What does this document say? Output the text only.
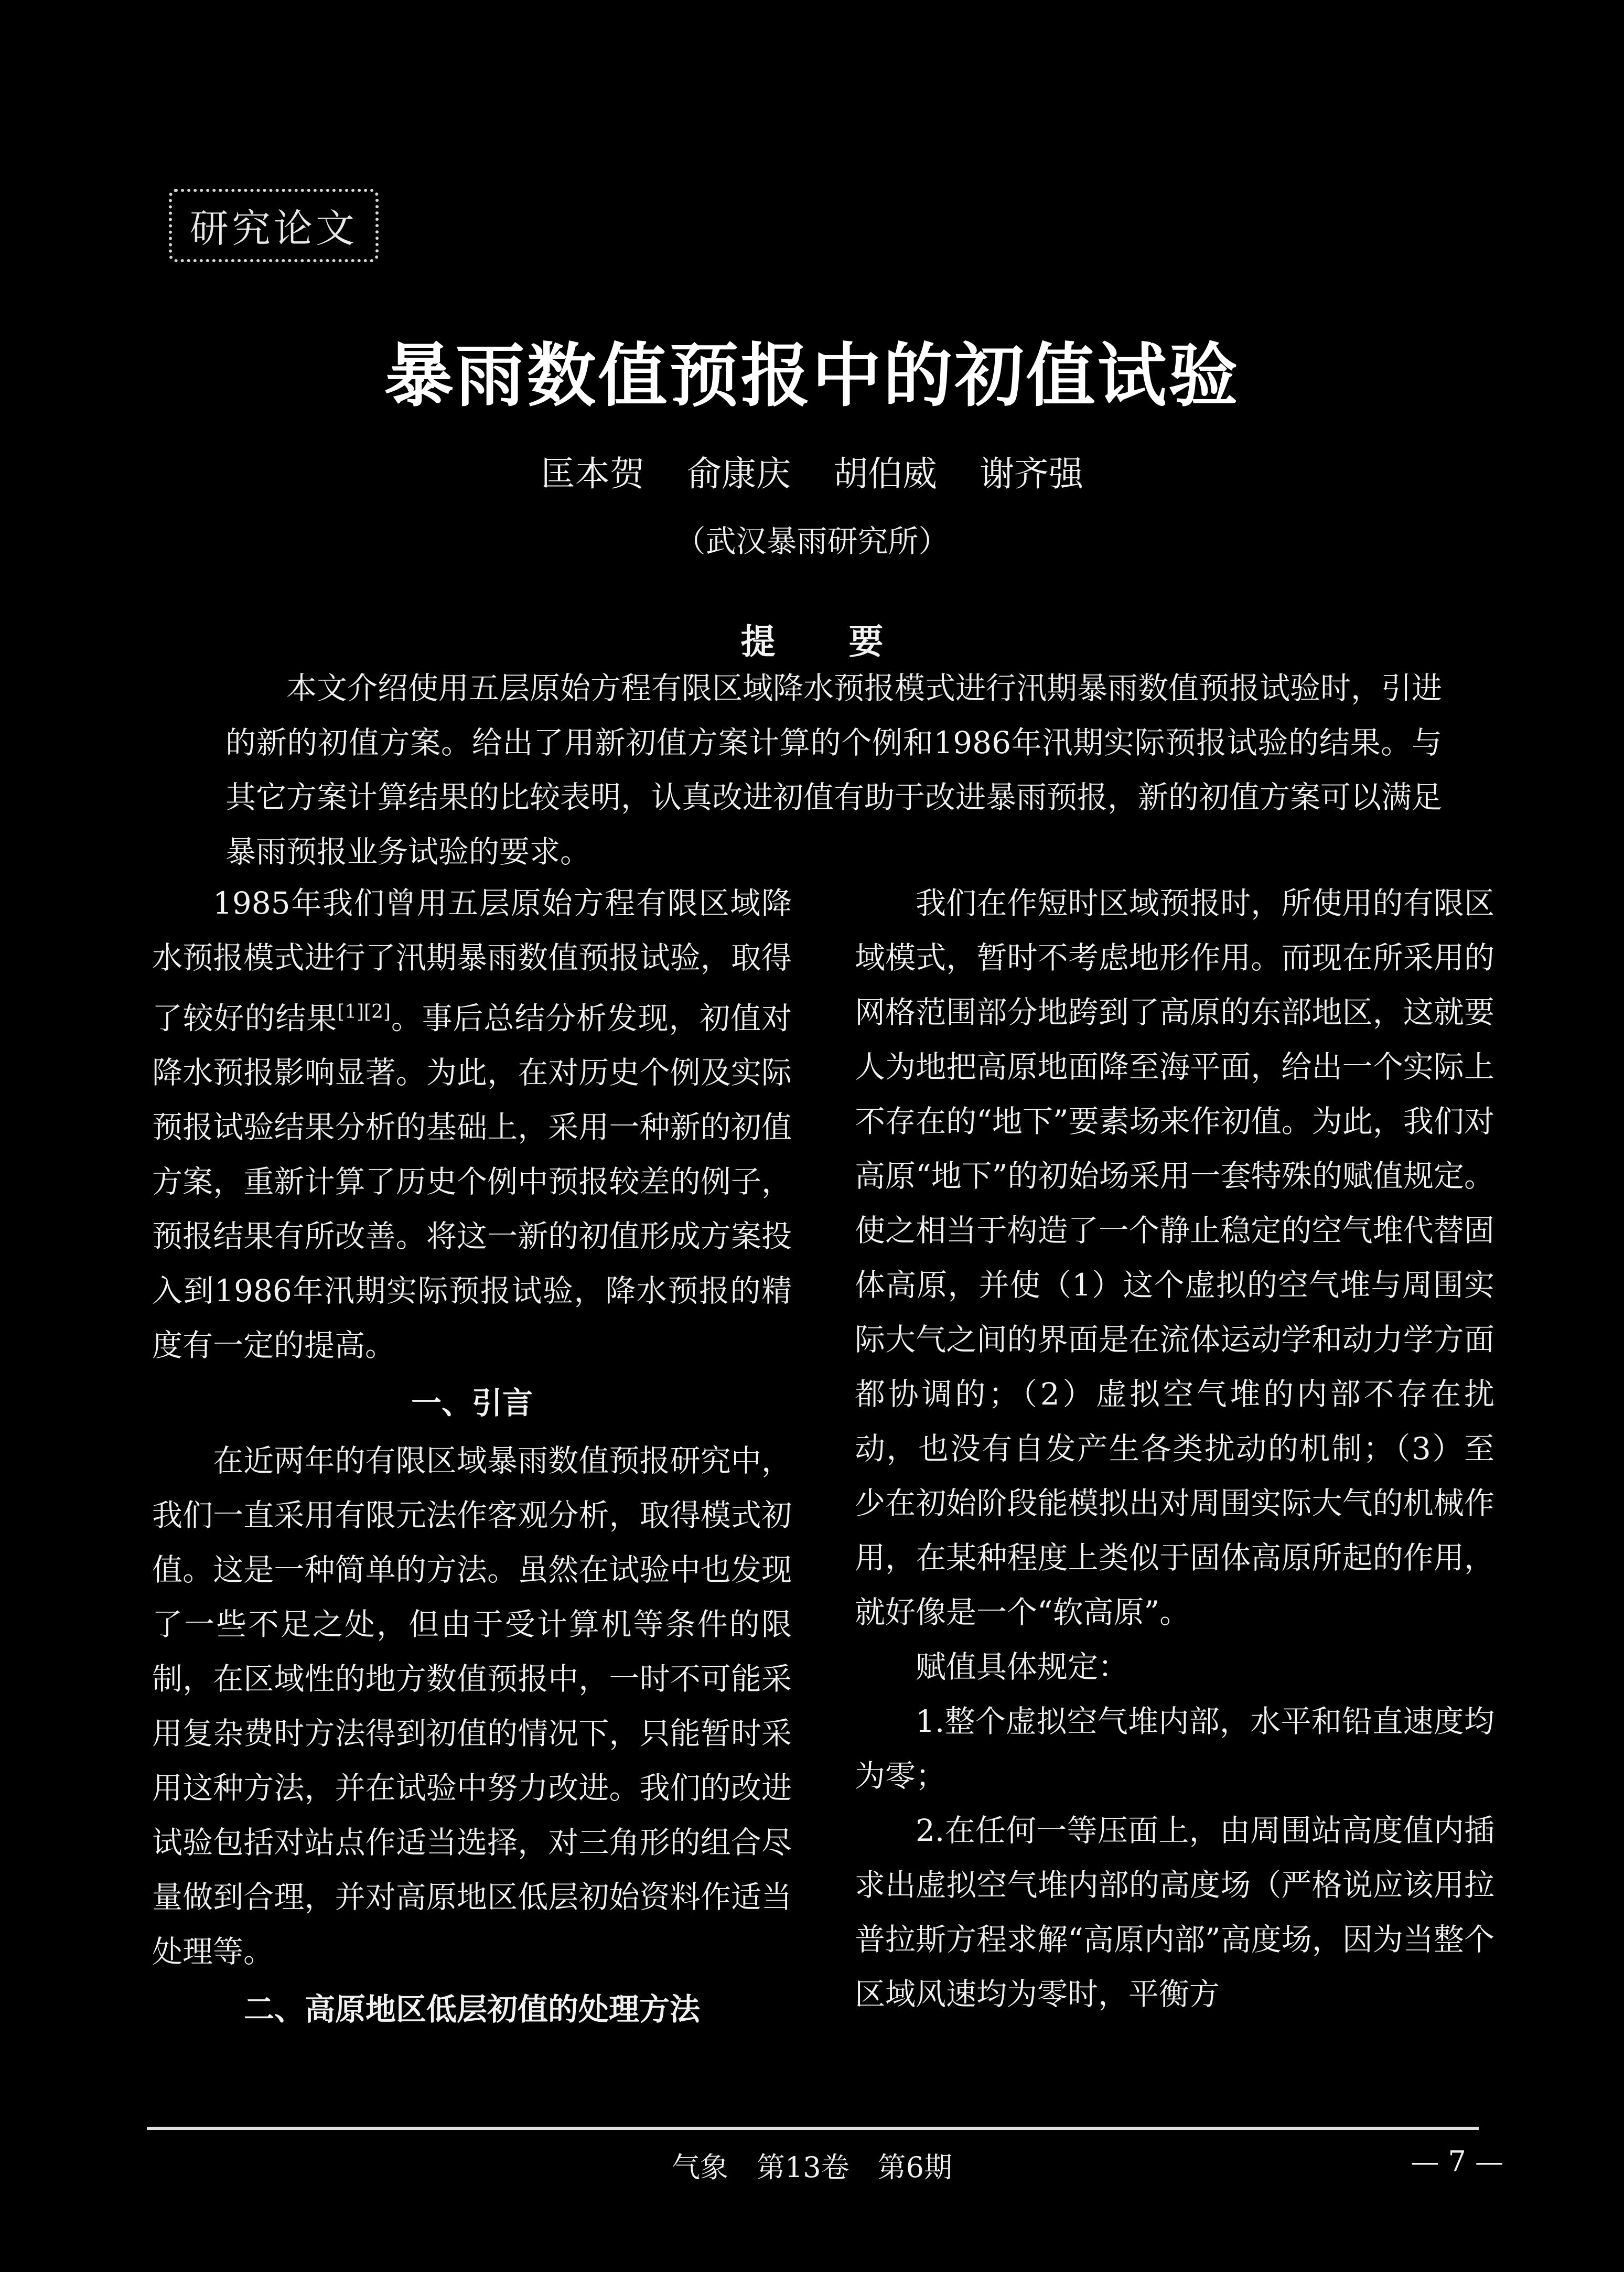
研究论文
暴雨数值预报中的初值试验
匡本贺 俞康庆 胡伯威 谢齐强
（武汉暴雨研究所）
提要

本文介绍使用五层原始方程有限区域降水预报模式进行汛期暴雨数值预报试验时，引进的新的初值方案。给出了用新初值方案计算的个例和1986年汛期实际预报试验的结果。与其它方案计算结果的比较表明，认真改进初值有助于改进暴雨预报，新的初值方案可以满足暴雨预报业务试验的要求。

1985年我们曾用五层原始方程有限区域降水预报模式进行了汛期暴雨数值预报试验，取得了较好的结果[1][2]。事后总结分析发现，初值对降水预报影响显著。为此，在对历史个例及实际预报试验结果分析的基础上，采用一种新的初值方案，重新计算了历史个例中预报较差的例子，预报结果有所改善。将这一新的初值形成方案投入到1986年汛期实际预报试验，降水预报的精度有一定的提高。

一、引言

在近两年的有限区域暴雨数值预报研究中，我们一直采用有限元法作客观分析，取得模式初值。这是一种简单的方法。虽然在试验中也发现了一些不足之处，但由于受计算机等条件的限制，在区域性的地方数值预报中，一时不可能采用复杂费时方法得到初值的情况下，只能暂时采用这种方法，并在试验中努力改进。我们的改进试验包括对站点作适当选择，对三角形的组合尽量做到合理，并对高原地区低层初始资料作适当处理等。

二、高原地区低层初值的处理方法

我们在作短时区域预报时，所使用的有限区域模式，暂时不考虑地形作用。而现在所采用的网格范围部分地跨到了高原的东部地区，这就要人为地把高原地面降至海平面，给出一个实际上不存在的“地下”要素场来作初值。为此，我们对高原“地下”的初始场采用一套特殊的赋值规定。使之相当于构造了一个静止稳定的空气堆代替固体高原，并使（1）这个虚拟的空气堆与周围实际大气之间的界面是在流体运动学和动力学方面都协调的；（2）虚拟空气堆的内部不存在扰动，也没有自发产生各类扰动的机制；（3）至少在初始阶段能模拟出对周围实际大气的机械作用，在某种程度上类似于固体高原所起的作用，就好像是一个“软高原”。

赋值具体规定：

1.整个虚拟空气堆内部，水平和铅直速度均为零；

2.在任何一等压面上，由周围站高度值内插求出虚拟空气堆内部的高度场（严格说应该用拉普拉斯方程求解“高原内部”高度场，因为当整个区域风速均为零时，平衡方

气象　第13卷　第6期	— 7 —
